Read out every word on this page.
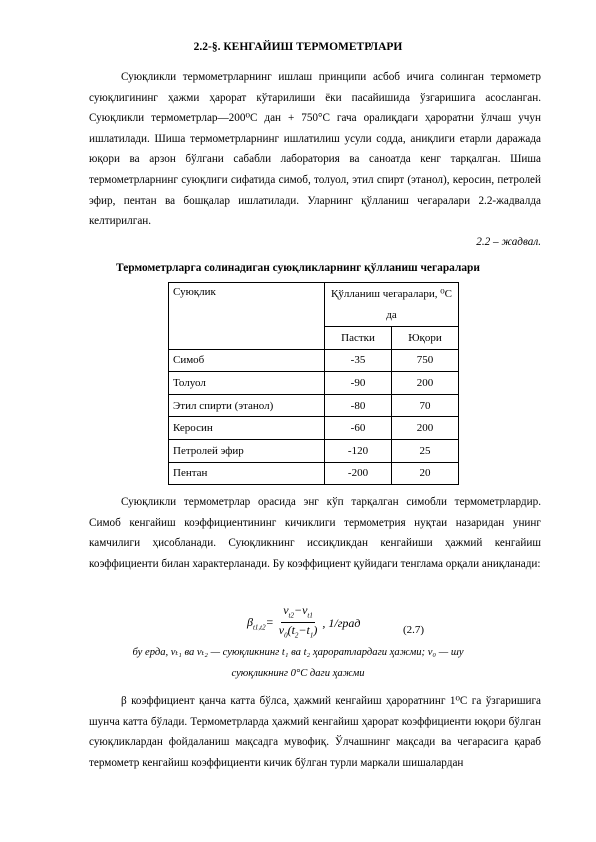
2.2-§. КЕНГАЙИШ ТЕРМОМЕТРЛАРИ

Суюқликли термометрларнинг ишлаш принципи асбоб ичига солинган термометр суюқлигининг ҳажми ҳарорат кўтарилиши ёки пасайишида ўзгаришига асосланган. Суюқликли термометрлар—200⁰С дан + 750°С гача оралиқдаги ҳароратни ўлчаш учун ишлатилади. Шиша термометрларнинг ишлатилиш усули содда, аниқлиги етарли даражада юқори ва арзон бўлгани сабабли лаборатория ва саноатда кенг тарқалган. Шиша термометрларнинг суюқлиги сифатида симоб, толуол, этил спирт (этанол), керосин, петролей эфир, пентан ва бошқалар ишлатилади. Уларнинг қўлланиш чегаралари 2.2-жадвалда келтирилган.

2.2 – жадвал.
Термометрларга солинадиган суюқликларнинг қўлланиш чегаралари
Суюқлик	Қўлланиш чегаралари, ⁰С да	
	Пастки	Юқори
Симоб	-35	750
Толуол	-90	200
Этил спирти (этанол)	-80	70
Керосин	-60	200
Петролей эфир	-120	25
Пентан	-200	20

Суюқликли термометрлар орасида энг кўп тарқалган симобли термометрлардир. Симоб кенгайиш коэффициентининг кичиклиги термометрия нуқтаи назаридан унинг камчилиги ҳисобланади. Суюқликнинг иссиқликдан кенгайиши ҳажмий кенгайиш коэффициенти билан характерланади. Бу коэффициент қуйидаги тенглама орқали аниқланади:

$\beta_{t1,t2}= \frac{v_{t2}-v_{t1}}{v_0(t_2-t_1)}$ , 1/град
(2.7)
бу ерда, vₜ₁ ва vₜ₂ — суюқликнинг t₁ ва t₂ ҳароратлардаги ҳажми; v₀ — шу
суюқликнинг 0°С даги ҳажми

β коэффициент қанча катта бўлса, ҳажмий кенгайиш ҳароратнинг 1⁰С га ўзгаришига шунча катта бўлади. Термометрларда ҳажмий кенгайиш ҳарорат коэффициенти юқори бўлган суюқликлардан фойдаланиш мақсадга мувофиқ. Ўлчашнинг мақсади ва чегарасига қараб термометр кенгайиш коэффициенти кичик бўлган турли маркали шишалардан
